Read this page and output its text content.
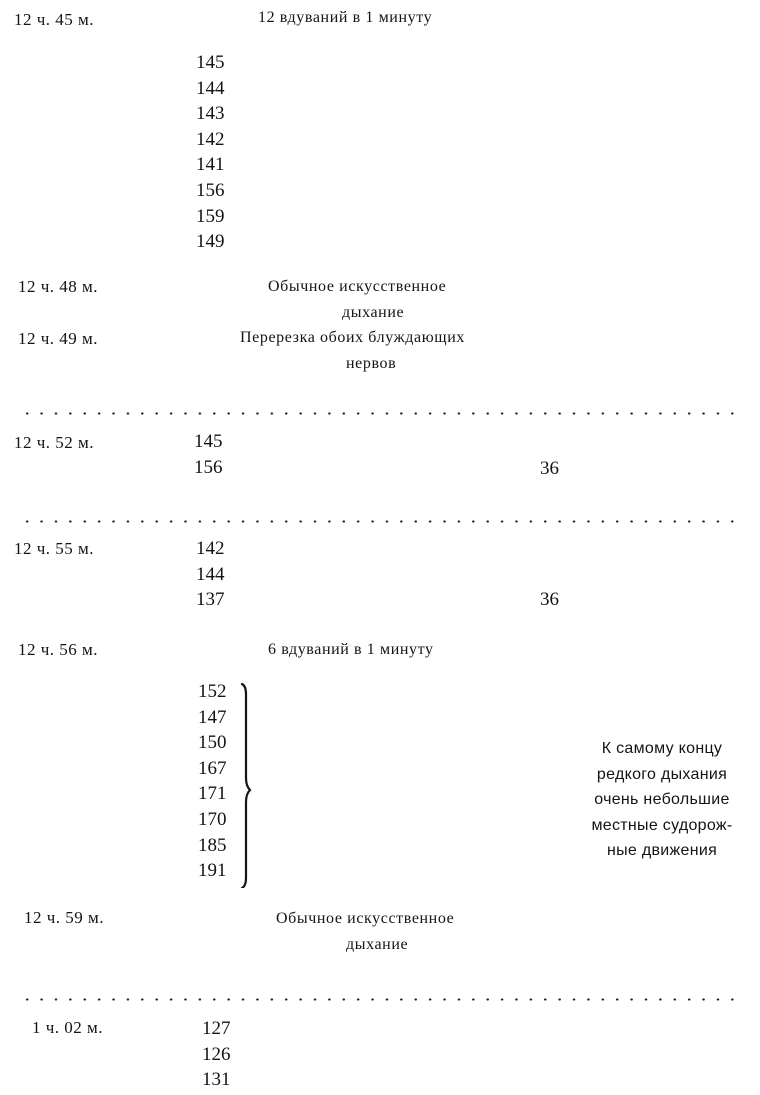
12 ч. 45 м.	12 вдуваний в 1 минуту
145
144
143
142
141
156
159
149
12 ч. 48 м.	Обычное искусственное
дыхание
12 ч. 49 м.	Перерезка обоих блуждающих
нервов
12 ч. 52 м.	145
156	36
12 ч. 55 м.	142
144
137	36
12 ч. 56 м.	6 вдуваний в 1 минуту
152
147
150
167
171
170
185
191
К самому концу
редкого дыхания
очень небольшие
местные судорож-
ные движения
12 ч. 59 м.	Обычное искусственное
дыхание
1 ч. 02 м.	127
126
131
